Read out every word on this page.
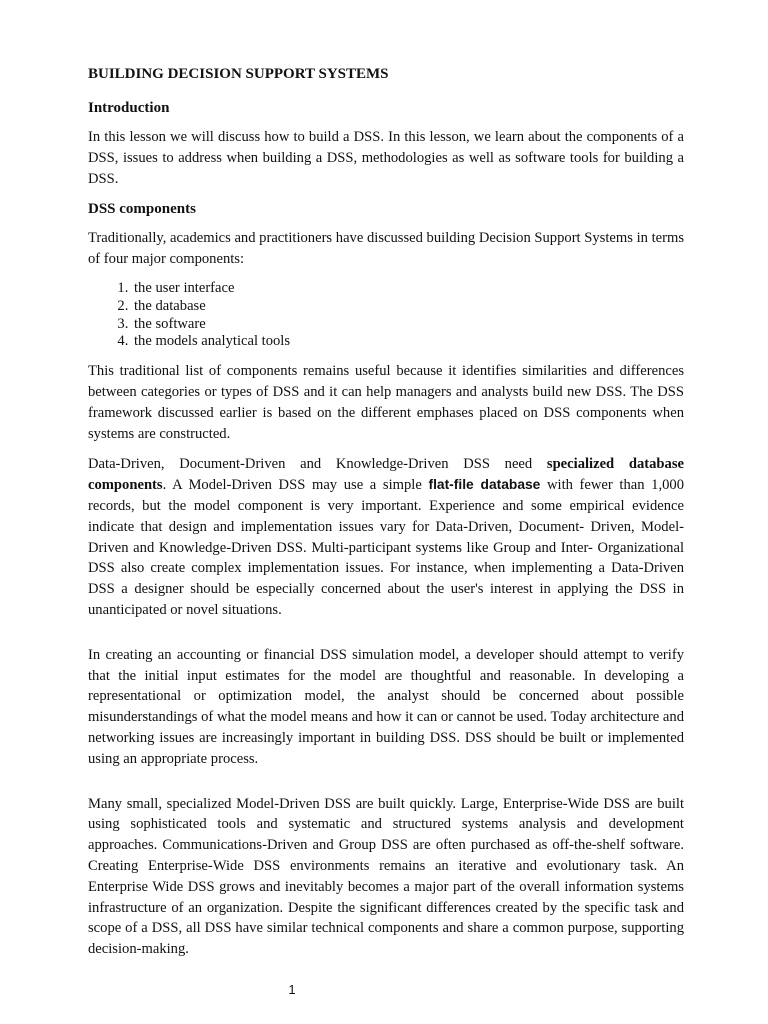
BUILDING DECISION SUPPORT SYSTEMS
Introduction

In this lesson we will discuss how to build a DSS. In this lesson, we learn about the components of a DSS, issues to address when building a DSS, methodologies as well as software tools for building a DSS.

DSS components

Traditionally, academics and practitioners have discussed building Decision Support Systems in terms of four major components:

1. the user interface
2. the database
3. the software
4. the models analytical tools

This traditional list of components remains useful because it identifies similarities and differences between categories or types of DSS and it can help managers and analysts build new DSS. The DSS framework discussed earlier is based on the different emphases placed on DSS components when systems are constructed.

Data-Driven, Document-Driven and Knowledge-Driven DSS need specialized database components. A Model-Driven DSS may use a simple flat-file database with fewer than 1,000 records, but the model component is very important. Experience and some empirical evidence indicate that design and implementation issues vary for Data-Driven, Document- Driven, Model-Driven and Knowledge-Driven DSS. Multi-participant systems like Group and Inter- Organizational DSS also create complex implementation issues. For instance, when implementing a Data-Driven DSS a designer should be especially concerned about the user's interest in applying the DSS in unanticipated or novel situations.

In creating an accounting or financial DSS simulation model, a developer should attempt to verify that the initial input estimates for the model are thoughtful and reasonable. In developing a representational or optimization model, the analyst should be concerned about possible misunderstandings of what the model means and how it can or cannot be used. Today architecture and networking issues are increasingly important in building DSS. DSS should be built or implemented using an appropriate process.

Many small, specialized Model-Driven DSS are built quickly. Large, Enterprise-Wide DSS are built using sophisticated tools and systematic and structured systems analysis and development approaches. Communications-Driven and Group DSS are often purchased as off-the-shelf software. Creating Enterprise-Wide DSS environments remains an iterative and evolutionary task. An Enterprise Wide DSS grows and inevitably becomes a major part of the overall information systems infrastructure of an organization. Despite the significant differences created by the specific task and scope of a DSS, all DSS have similar technical components and share a common purpose, supporting decision-making.

1
